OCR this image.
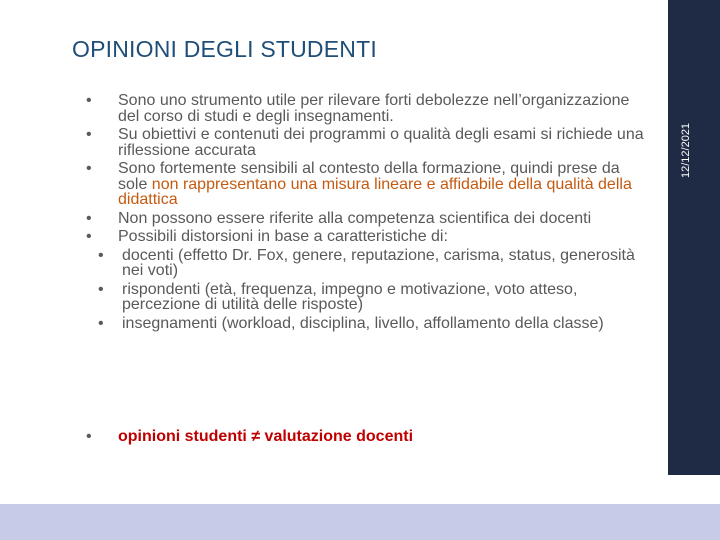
OPINIONI DEGLI STUDENTI
• Sono uno strumento utile per rilevare forti debolezze nell’organizzazione del corso di studi e degli insegnamenti.
• Su obiettivi e contenuti dei programmi o qualità degli esami si richiede una riflessione accurata
• Sono fortemente sensibili al contesto della formazione, quindi prese da sole non rappresentano una misura lineare e affidabile della qualità della didattica
• Non possono essere riferite alla competenza scientifica dei docenti
• Possibili distorsioni in base a caratteristiche di:
• docenti (effetto Dr. Fox, genere, reputazione, carisma, status, generosità nei voti)
• rispondenti (età, frequenza, impegno e motivazione, voto atteso, percezione di utilità delle risposte)
• insegnamenti (workload, disciplina, livello, affollamento della classe)
• opinioni studenti ≠ valutazione docenti
12/12/2021
7
